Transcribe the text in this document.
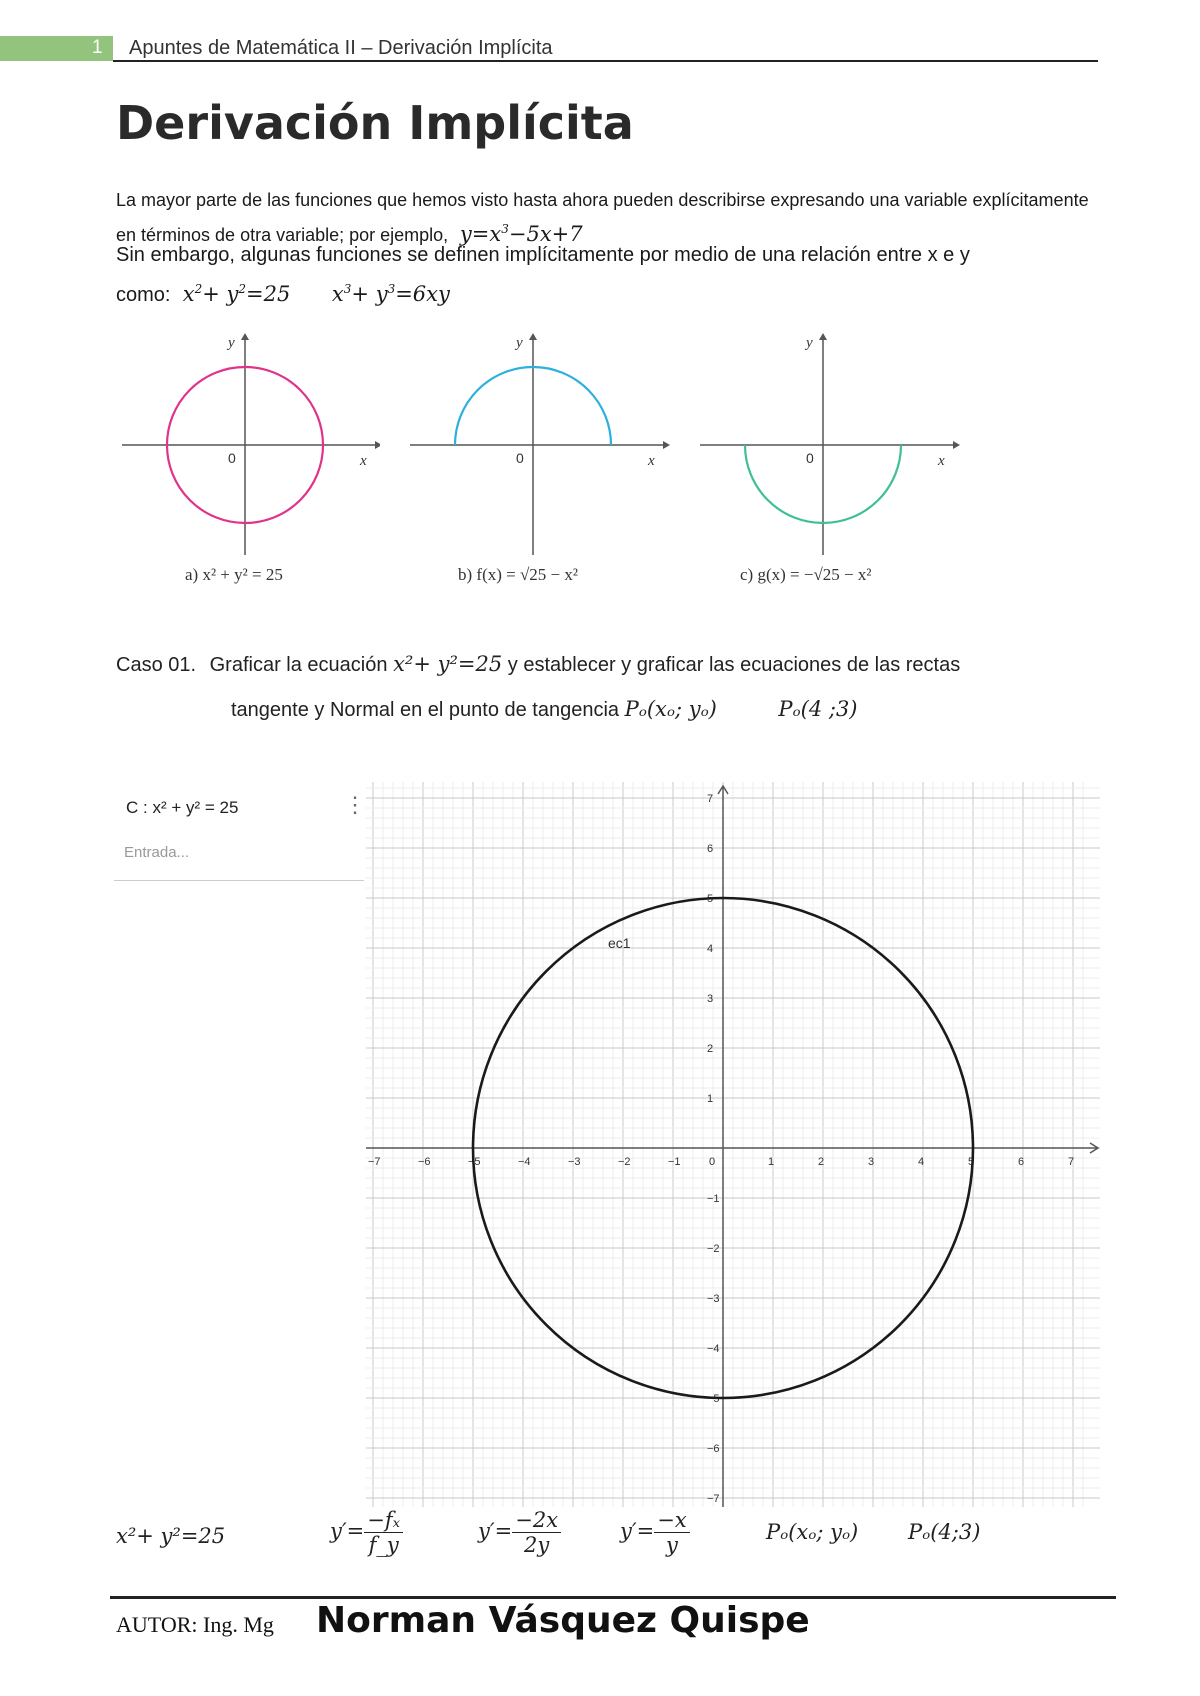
1 Apuntes de Matemática II – Derivación Implícita
Derivación Implícita
La mayor parte de las funciones que hemos visto hasta ahora pueden describirse expresando una variable explícitamente en términos de otra variable; por ejemplo, $y=x^3-5x+7$
Sin embargo, algunas funciones se definen implícitamente por medio de una relación entre x e y
como: $x^2+ y^2=25$ $x^3+ y^3=6xy$
y
x
0
a) x² + y² = 25
y
x
0
b) f(x) = √25 − x²
y
x
0
c) g(x) = −√25 − x²
Caso 01. Graficar la ecuación x²+ y²=25 y establecer y graficar las ecuaciones de las rectas
tangente y Normal en el punto de tangencia Pₒ(xₒ; yₒ)	Pₒ(4 ;3)
C : x² + y² = 25	⋮
Entrada...
−7	−6	−5	−4	−3	−2	−1	1	2	3	4	5	6	7
7
6
5
4
3
2
1
−1
−2
−3
−4
−5
−6
−7
0
ec1
x²+ y²=25	$y'= \frac{\text{−fₓ}}{f\_y}$	$y'= \frac{-2x}{2y}$	$y'= \frac{-x}{y}$	Pₒ(xₒ; yₒ) Pₒ(4;3)
AUTOR: Ing. Mg Norman Vásquez Quispe
